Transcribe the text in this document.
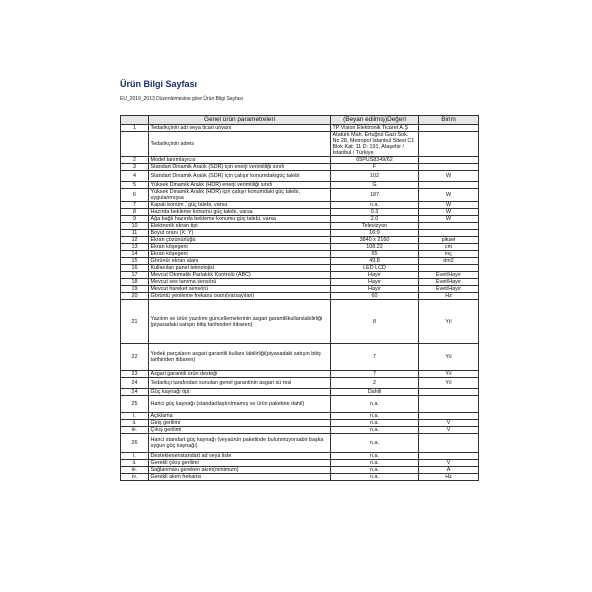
Ürün Bilgi Sayfası
EU_2019_2013 Düzenlemesine göre Ürün Bilgi Sayfası
	Genel ürün parametreleri	(Beyan edilmiş)Değeri	Birim
1	Tedarikçinin adı veya ticari unvanı	TP Vision Elektronik Ticaret A.Ş	
	Tedarikçinin adres	Atatürk Mah. Ertuğrul Gazi Sok. No 28, Metropol İstanbul Sitesi C1 Blok Kat: 11 D: 191, Ataşehir / İstanbul / Türkiye	
2	Model tanımlayıcıs	65PUS8349/62	
3	Standart Dinamik Aralık (SDR) için enerji verimliliği sınıfı	F	
4	Standart Dinamik Aralık (SDR) için çalışır konumdakigüç talebi	102	W
5	Yüksek Dinamik Aralık (HDR) enerji verimliliği sınıfı	G	
6	Yüksek Dinamik Aralık (HDR) için çalışır konumdaki güç talebi, uygulanmışsa	187	W
7	Kapalı konum , güç talebi, varsa	n.a.	W
8	Hazırda bekleme konumu güç talebi, varsa	0.3	W
9	Ağa bağlı hazırda bekleme konumu güç talebi, varsa	2.0	W
10	Elektronik ekran tipi	Televizyon	
11	Boyut oranı (X: Y)	16:9	
12	Ekran çözünürlüğü	3840 x 2160	piksel
13	Ekran köşegeni	108.22	cm
14	Ekran köşegeni	65	inç
15	Görünür ekran alanı	49.8	dm2
16	Kullanılan panel teknolojisi	LED LCD	
17	Mevcut Otomatik Parlaklık Kontrolü (ABC)	Hayır	Evet/Hayır
18	Mevcut ses tanıma sensörü	Hayır	Evet/Hayır
19	Mevcut hareket sensörü	Hayır	Evet/Hayır
20	Görüntü yenileme frekans oranı(varsayılan)	60	Hz
21	Yazılım ve ürün yazılımı güncellemelerinin asgari garantilikullanılabilirliği (piyasadaki satışın bitiş tarihinden itibaren)	8	Yıl
22	Yedek parçaların asgari garantili kullanı labilirliği(piyasadaki satışın bitiş tarihinden itibaren)	7	Yıl
23	Asgari garantili ürün desteği	7	Yıl
24	Tedarikçi tarafından sunulan genel garantinin asgari sü resi	2	Yıl
24	Güç kaynağı tipi:	Dahili	
25	Harici güç kaynağı (standartlaştırılmamış ve ürün paketine dahil)	n.a.	
i.	Açıklama	n.a.	
ii.	Giriş gerilimi	n.a.	V
iii.	Çıkış gerilimi	n.a.	V
26	Harici standart güç kaynağı (veyaürün paketinde bulunmuyorsabir başka uygun güç kaynağı)	n.a.	
i.	Desteklenenstandart ad veya liste	n.a.	
ii.	Gerekli çıkış gerilimi	n.a.	V
iii.	Sağlanması gereken akım(minimum)	n.a.	A
iv.	Gerekli akım frekansı	n.a.	Hz
